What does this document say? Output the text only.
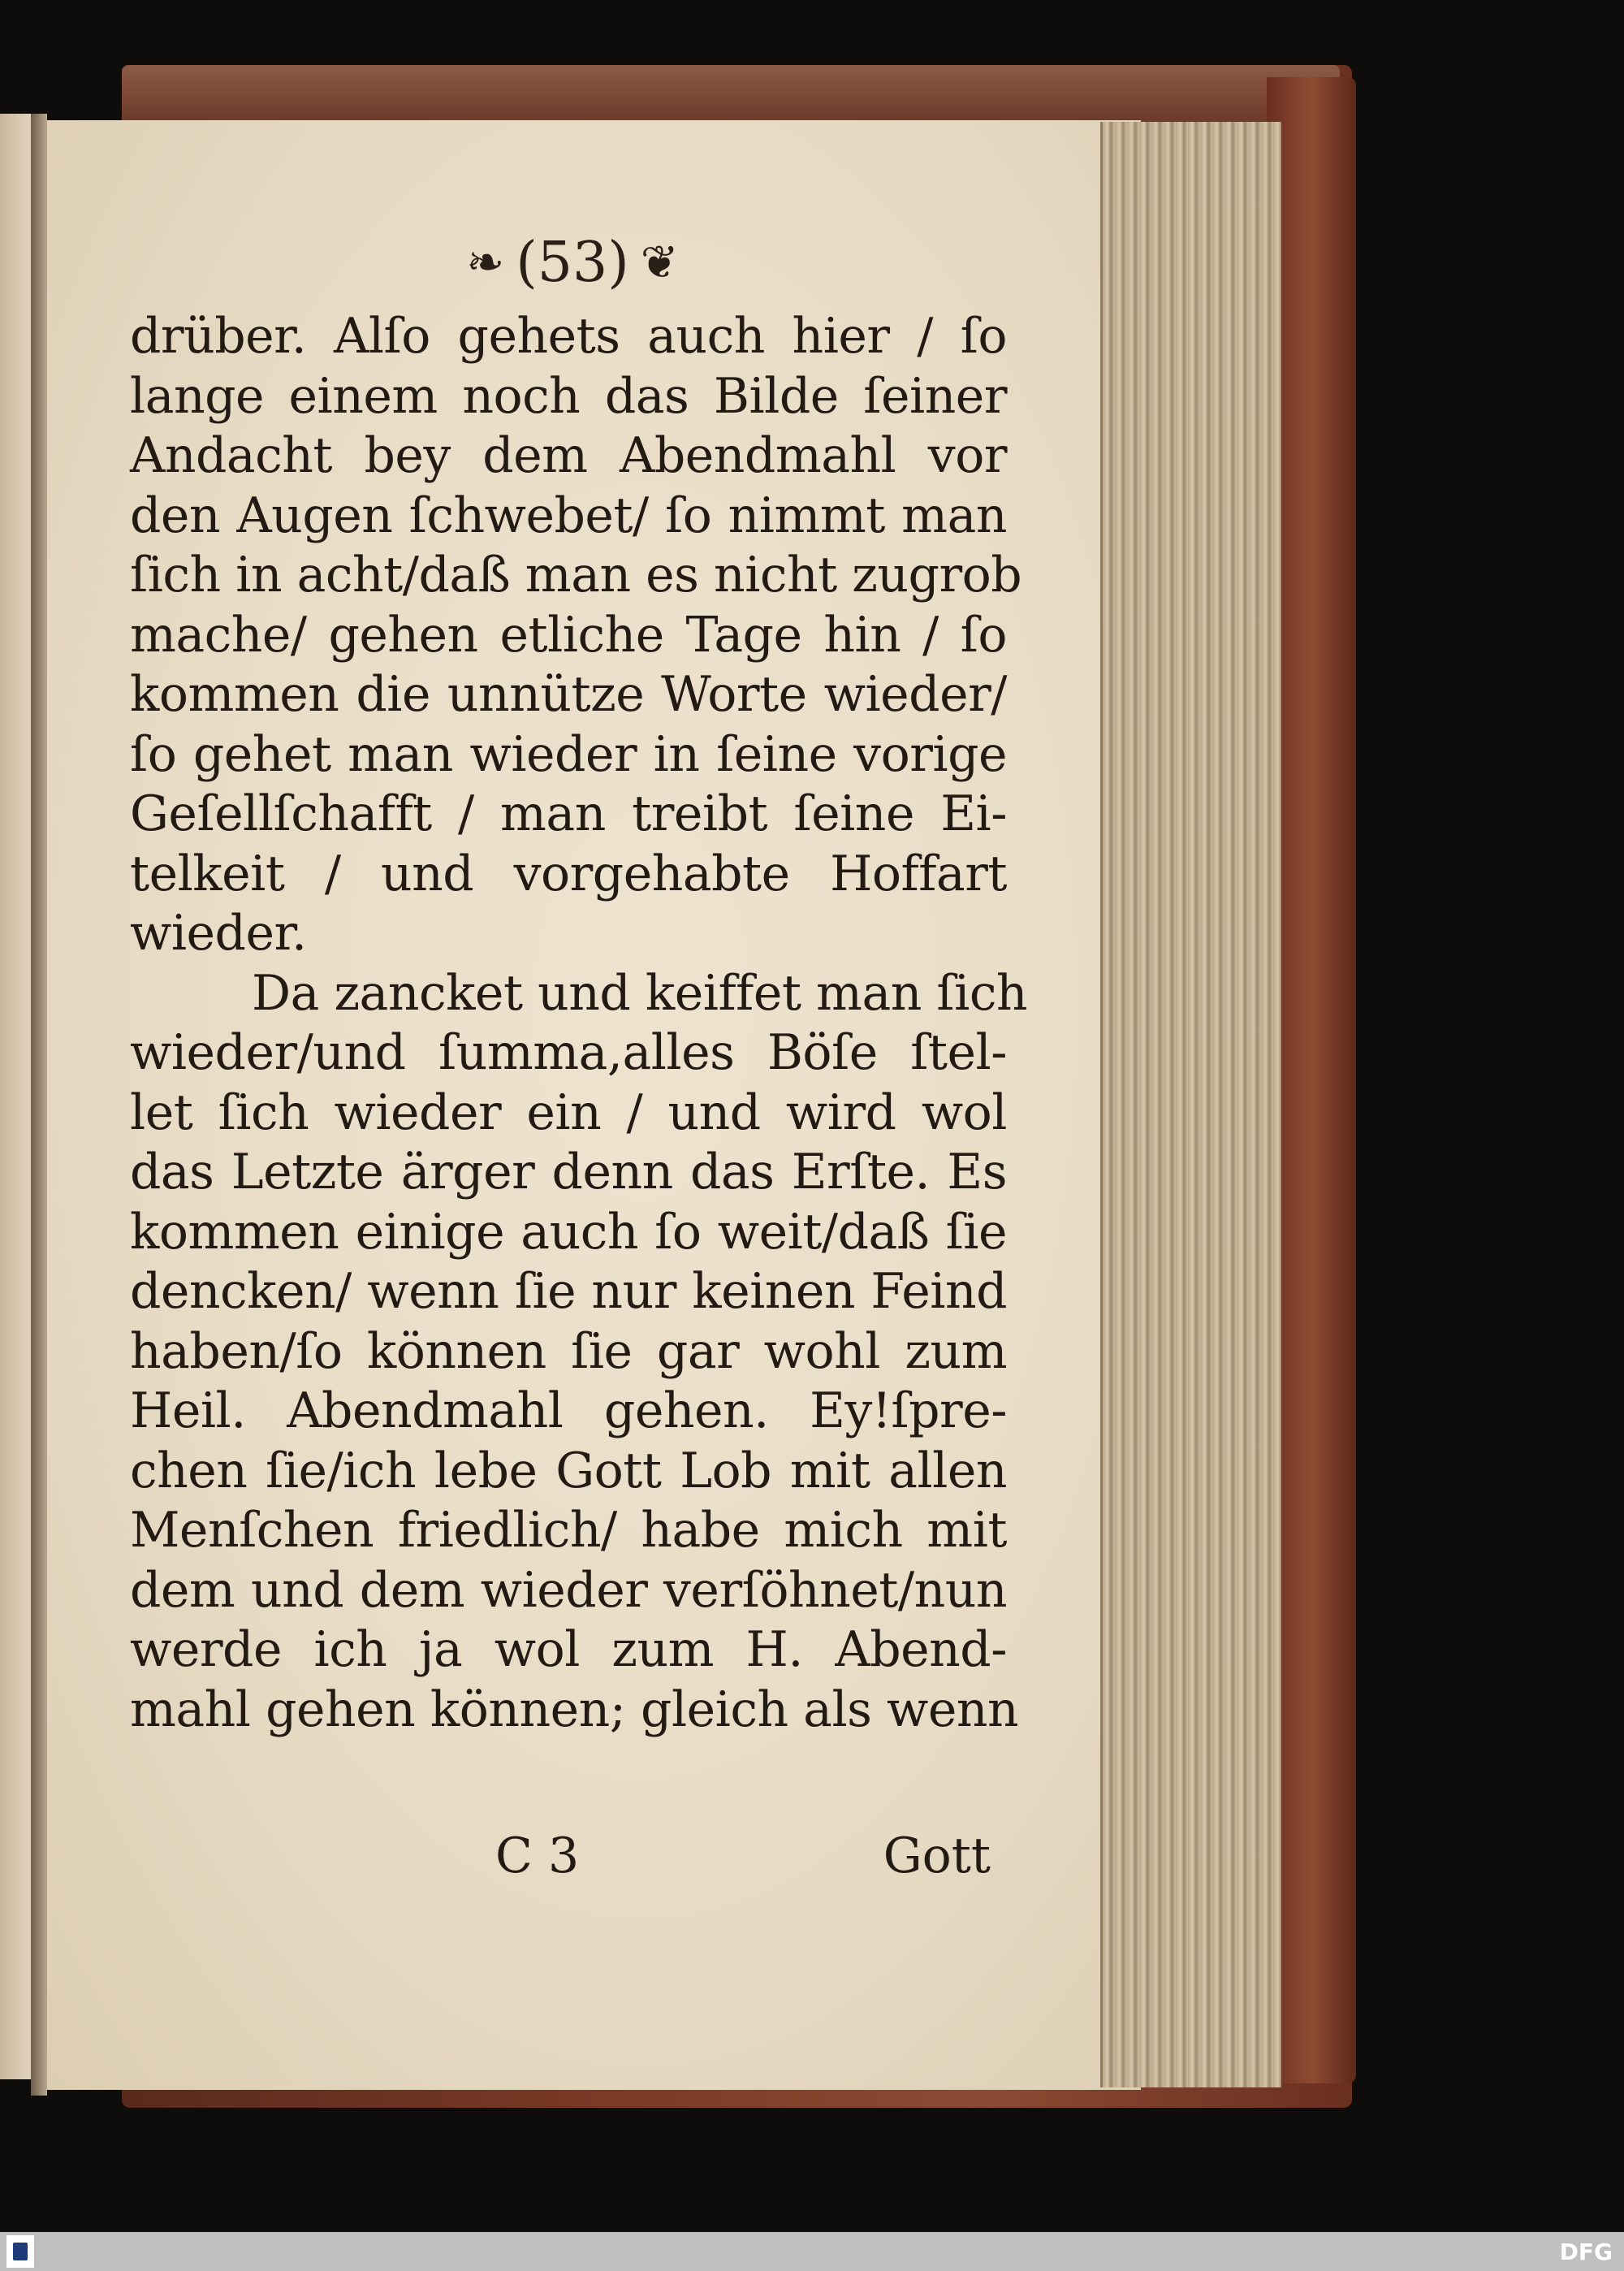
❧ (53) ❦
drüber. Alſo gehets auch hier / ſo
lange einem noch das Bilde ſeiner
Andacht bey dem Abendmahl vor
den Augen ſchwebet/ ſo nimmt man
ſich in acht/daß man es nicht zugrob
mache/ gehen etliche Tage hin / ſo
kommen die unnütze Worte wieder/
ſo gehet man wieder in ſeine vorige
Geſellſchafft / man treibt ſeine Ei-
telkeit / und vorgehabte Hoffart
wieder.
Da zancket und keiffet man ſich
wieder/und ſumma,alles Böſe ſtel-
let ſich wieder ein / und wird wol
das Letzte ärger denn das Erſte. Es
kommen einige auch ſo weit/daß ſie
dencken/ wenn ſie nur keinen Feind
haben/ſo können ſie gar wohl zum
Heil. Abendmahl gehen. Ey!ſpre-
chen ſie/ich lebe Gott Lob mit allen
Menſchen friedlich/ habe mich mit
dem und dem wieder verſöhnet/nun
werde ich ja wol zum H. Abend-
mahl gehen können; gleich als wenn
C 3	Gott
DFG
